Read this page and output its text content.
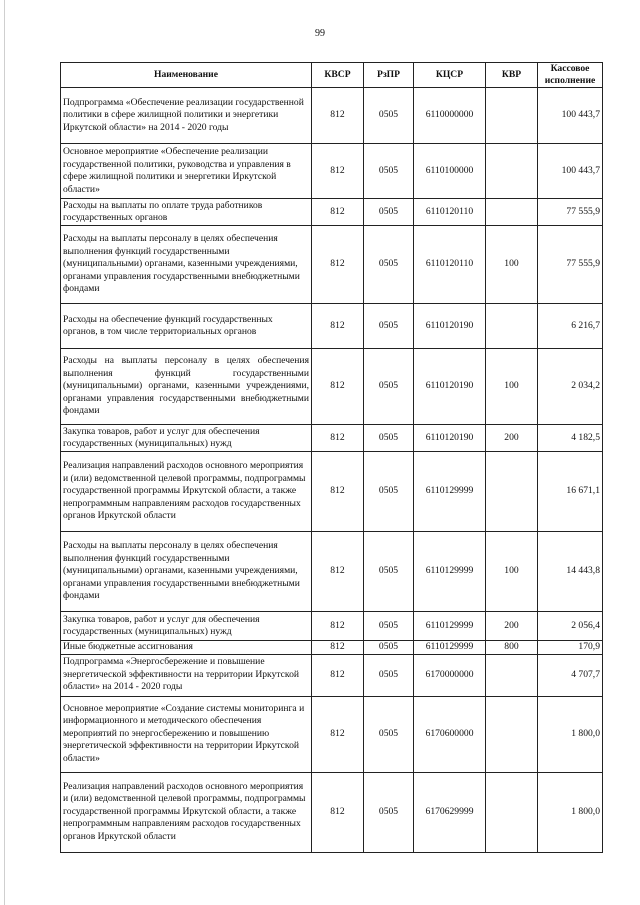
99
Наименование	КВСР	РзПР	КЦСР	КВР	Кассовое исполнение
Подпрограмма «Обеспечение реализации государственной политики в сфере жилищной политики и энергетики Иркутской области» на 2014 - 2020 годы	812	0505	6110000000		100 443,7
Основное мероприятие «Обеспечение реализации государственной политики, руководства и управления в сфере жилищной политики и энергетики Иркутской области»	812	0505	6110100000		100 443,7
Расходы на выплаты по оплате труда работников государственных органов	812	0505	6110120110		77 555,9
Расходы на выплаты персоналу в целях обеспечения выполнения функций государственными (муниципальными) органами, казенными учреждениями, органами управления государственными внебюджетными фондами	812	0505	6110120110	100	77 555,9
Расходы на обеспечение функций государственных органов, в том числе территориальных органов	812	0505	6110120190		6 216,7
Расходы на выплаты персоналу в целях обеспечения выполнения функций государственными (муниципальными) органами, казенными учреждениями, органами управления государственными внебюджетными фондами	812	0505	6110120190	100	2 034,2
Закупка товаров, работ и услуг для обеспечения государственных (муниципальных) нужд	812	0505	6110120190	200	4 182,5
Реализация направлений расходов основного мероприятия и (или) ведомственной целевой программы, подпрограммы государственной программы Иркутской области, а также непрограммным направлениям расходов государственных органов Иркутской области	812	0505	6110129999		16 671,1
Расходы на выплаты персоналу в целях обеспечения выполнения функций государственными (муниципальными) органами, казенными учреждениями, органами управления государственными внебюджетными фондами	812	0505	6110129999	100	14 443,8
Закупка товаров, работ и услуг для обеспечения государственных (муниципальных) нужд	812	0505	6110129999	200	2 056,4
Иные бюджетные ассигнования	812	0505	6110129999	800	170,9
Подпрограмма «Энергосбережение и повышение энергетической эффективности на территории Иркутской области» на 2014 - 2020 годы	812	0505	6170000000		4 707,7
Основное мероприятие «Создание системы мониторинга и информационного и методического обеспечения мероприятий по энергосбережению и повышению энергетической эффективности на территории Иркутской области»	812	0505	6170600000		1 800,0
Реализация направлений расходов основного мероприятия и (или) ведомственной целевой программы, подпрограммы государственной программы Иркутской области, а также непрограммным направлениям расходов государственных органов Иркутской области	812	0505	6170629999		1 800,0
